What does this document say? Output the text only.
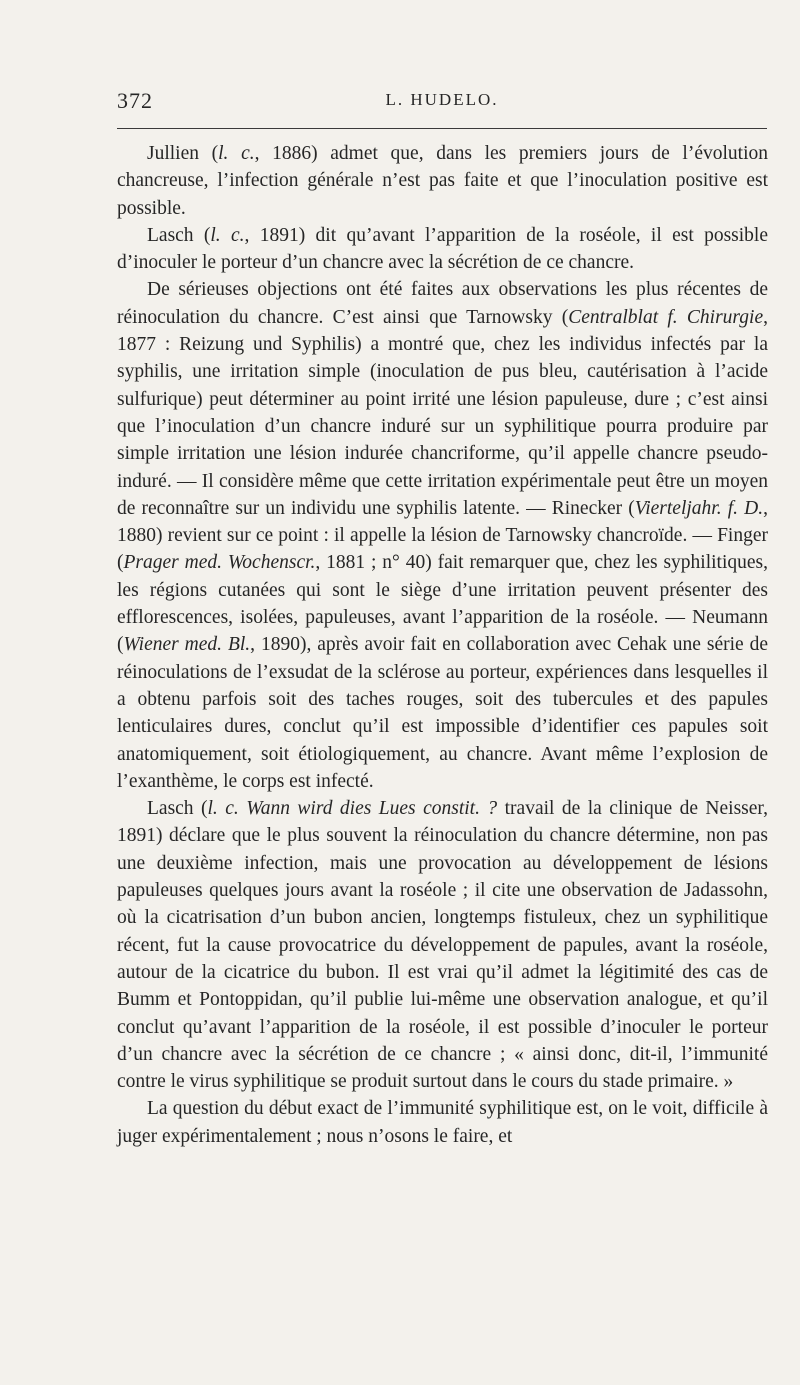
372	L. HUDELO.

Jullien (l. c., 1886) admet que, dans les premiers jours de l’évolution chancreuse, l’infection générale n’est pas faite et que l’inoculation positive est possible.

Lasch (l. c., 1891) dit qu’avant l’apparition de la roséole, il est possible d’inoculer le porteur d’un chancre avec la sécrétion de ce chancre.

De sérieuses objections ont été faites aux observations les plus récentes de réinoculation du chancre. C’est ainsi que Tarnowsky (Centralblat f. Chirurgie, 1877 : Reizung und Syphilis) a montré que, chez les individus infectés par la syphilis, une irritation simple (inoculation de pus bleu, cautérisation à l’acide sulfurique) peut déterminer au point irrité une lésion papuleuse, dure ; c’est ainsi que l’inoculation d’un chancre induré sur un syphilitique pourra produire par simple irritation une lésion indurée chancriforme, qu’il appelle chancre pseudo-induré. — Il considère même que cette irritation expérimentale peut être un moyen de reconnaître sur un individu une syphilis latente. — Rinecker (Vierteljahr. f. D., 1880) revient sur ce point : il appelle la lésion de Tarnowsky chancroïde. — Finger (Prager med. Wochenscr., 1881 ; n° 40) fait remarquer que, chez les syphilitiques, les régions cutanées qui sont le siège d’une irritation peuvent présenter des efflorescences, isolées, papuleuses, avant l’apparition de la roséole. — Neumann (Wiener med. Bl., 1890), après avoir fait en collaboration avec Cehak une série de réinoculations de l’exsudat de la sclérose au porteur, expériences dans lesquelles il a obtenu parfois soit des taches rouges, soit des tubercules et des papules lenticulaires dures, conclut qu’il est impossible d’identifier ces papules soit anatomiquement, soit étiologiquement, au chancre. Avant même l’explosion de l’exanthème, le corps est infecté.

Lasch (l. c. Wann wird dies Lues constit. ? travail de la clinique de Neisser, 1891) déclare que le plus souvent la réinoculation du chancre détermine, non pas une deuxième infection, mais une provocation au développement de lésions papuleuses quelques jours avant la roséole ; il cite une observation de Jadassohn, où la cicatrisation d’un bubon ancien, longtemps fistuleux, chez un syphilitique récent, fut la cause provocatrice du développement de papules, avant la roséole, autour de la cicatrice du bubon. Il est vrai qu’il admet la légitimité des cas de Bumm et Pontoppidan, qu’il publie lui-même une observation analogue, et qu’il conclut qu’avant l’apparition de la roséole, il est possible d’inoculer le porteur d’un chancre avec la sécrétion de ce chancre ; « ainsi donc, dit-il, l’immunité contre le virus syphilitique se produit surtout dans le cours du stade primaire. »

La question du début exact de l’immunité syphilitique est, on le voit, difficile à juger expérimentalement ; nous n’osons le faire, et
